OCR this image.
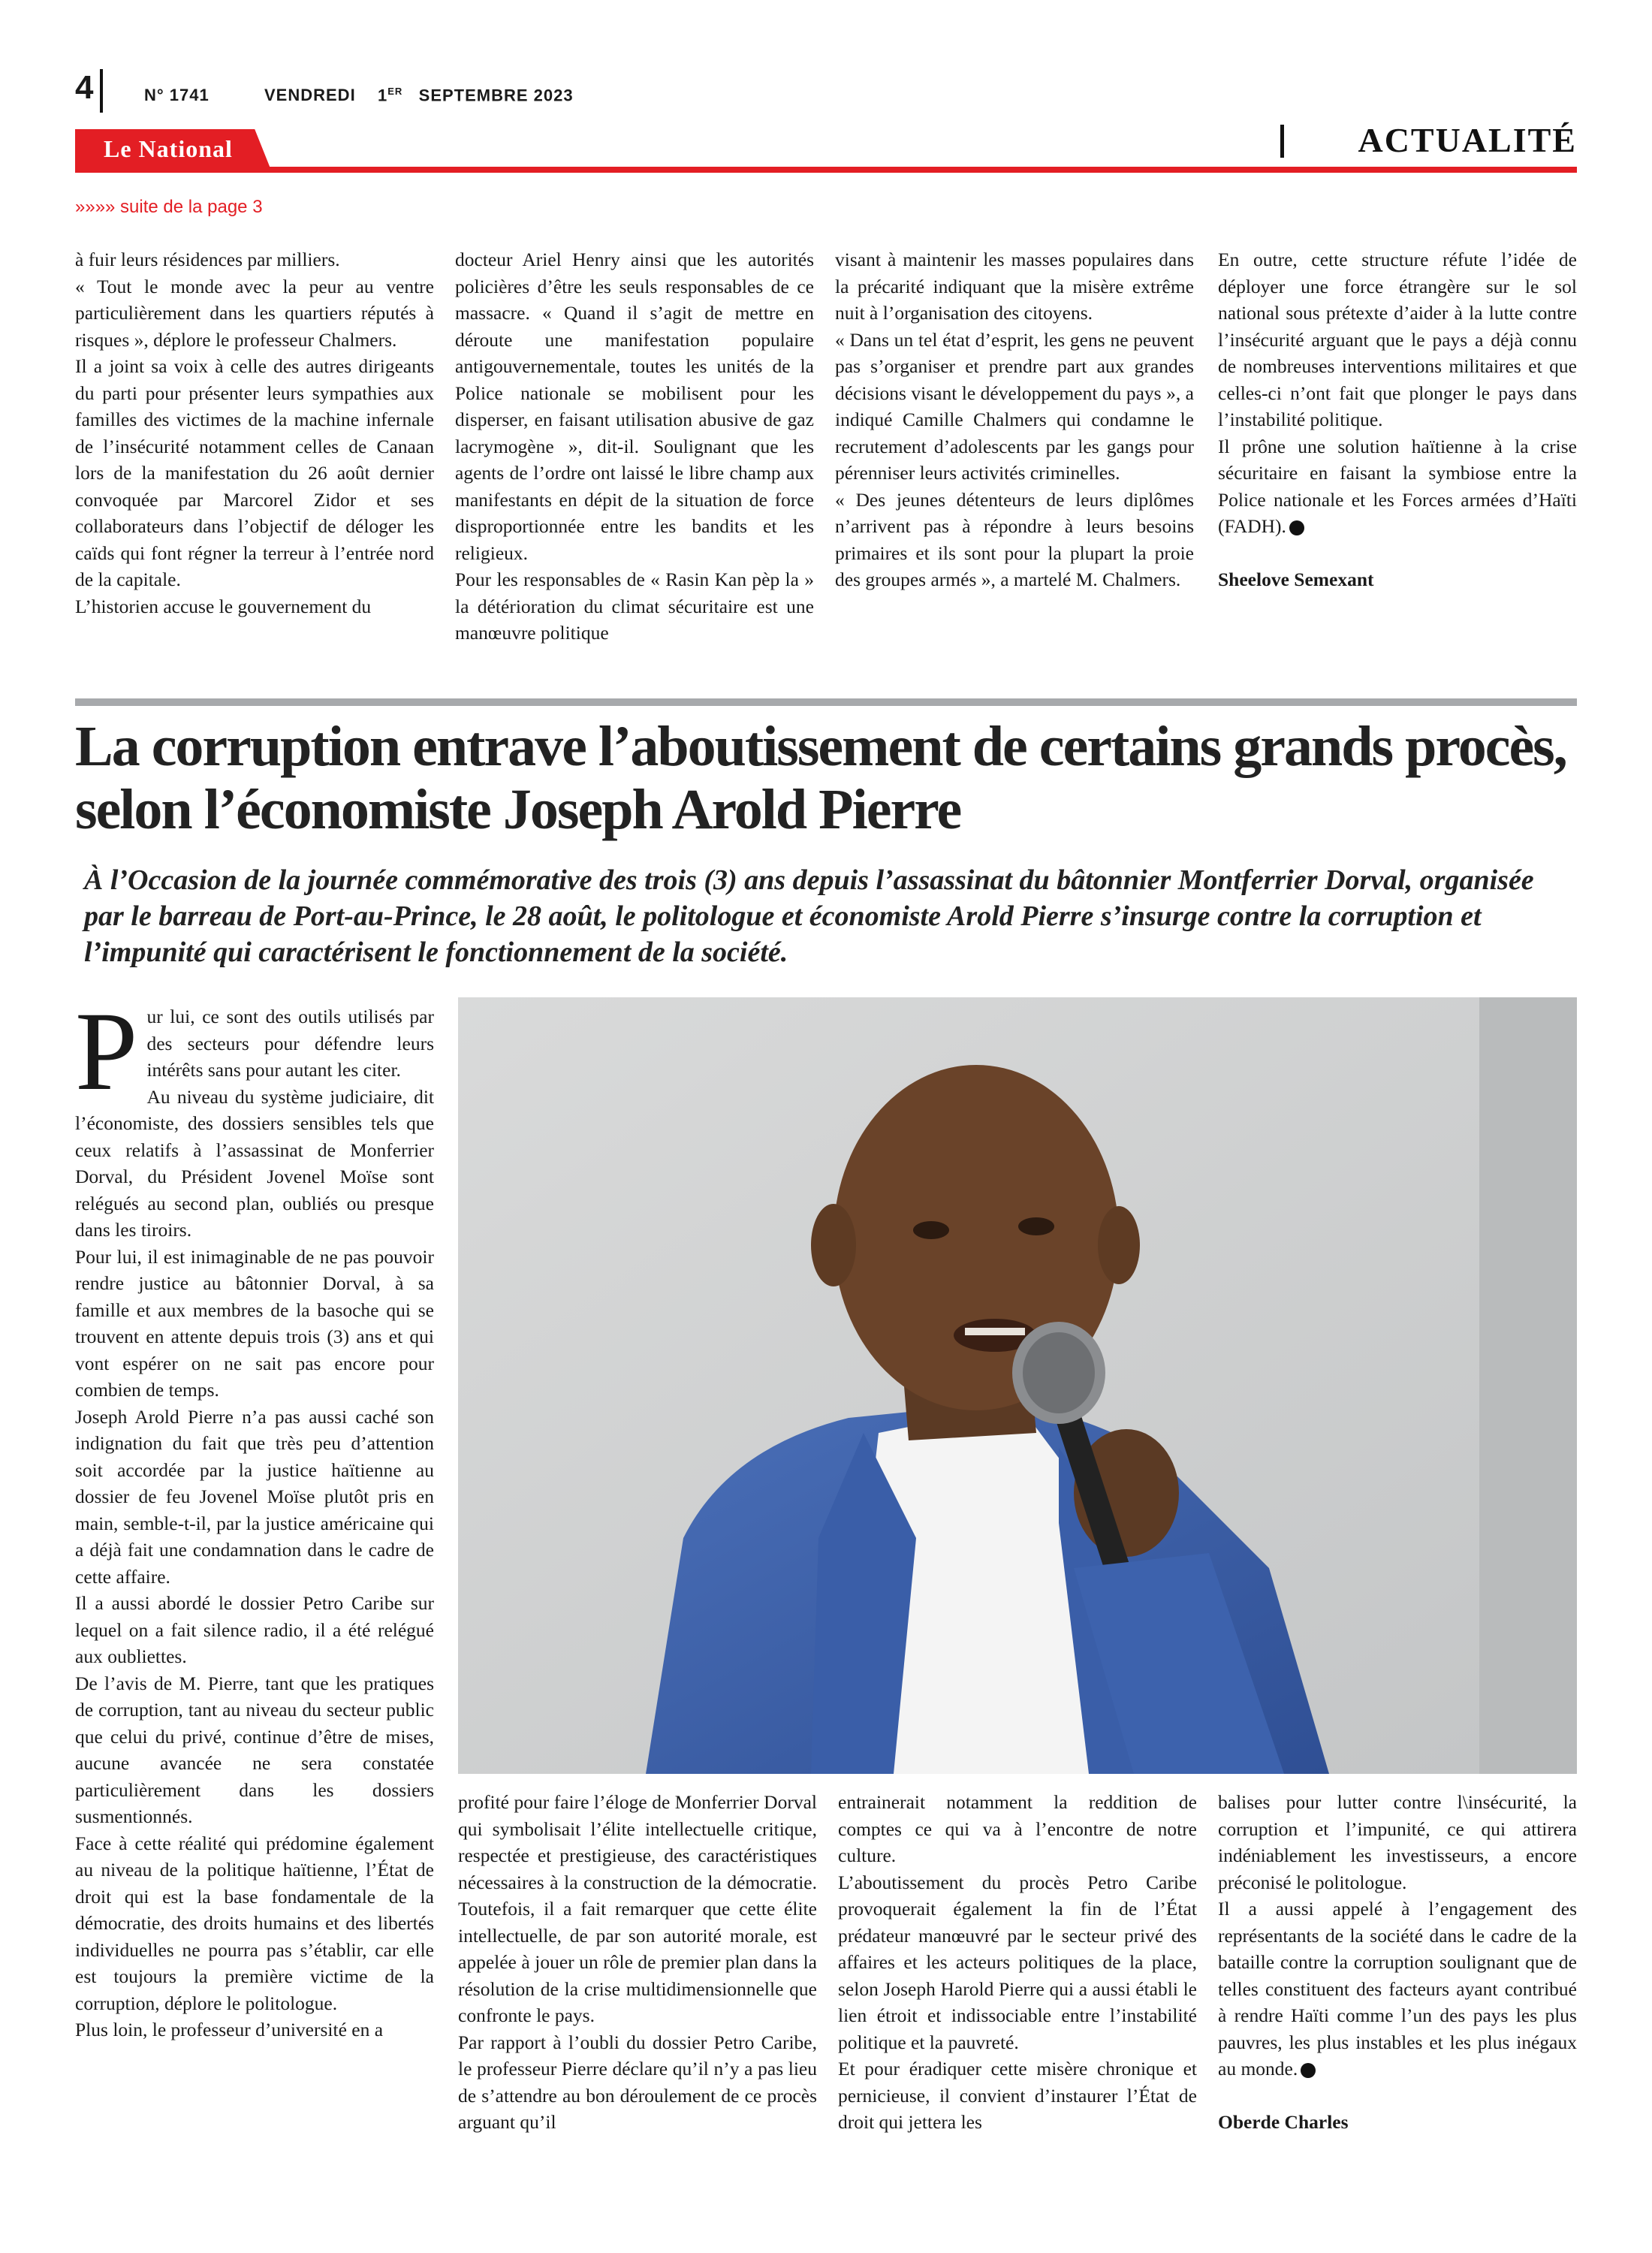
4	N° 1741	VENDREDI 1ER SEPTEMBRE 2023
Le National	ACTUALITÉ
»»»» suite de la page 3

à fuir leurs résidences par milliers.

« Tout le monde avec la peur au ventre particulièrement dans les quartiers réputés à risques », déplore le professeur Chalmers.

Il a joint sa voix à celle des autres dirigeants du parti pour présenter leurs sympathies aux familles des victimes de la machine infernale de l’insécurité notamment celles de Canaan lors de la manifestation du 26 août dernier convoquée par Marcorel Zidor et ses collaborateurs dans l’objectif de déloger les caïds qui font régner la terreur à l’entrée nord de la capitale.

L’historien accuse le gouvernement du

docteur Ariel Henry ainsi que les autorités policières d’être les seuls responsables de ce massacre. « Quand il s’agit de mettre en déroute une manifestation populaire antigouvernementale, toutes les unités de la Police nationale se mobilisent pour les disperser, en faisant utilisation abusive de gaz lacrymogène », dit-il. Soulignant que les agents de l’ordre ont laissé le libre champ aux manifestants en dépit de la situation de force disproportionnée entre les bandits et les religieux.

Pour les responsables de « Rasin Kan pèp la » la détérioration du climat sécuritaire est une manœuvre politique

visant à maintenir les masses populaires dans la précarité indiquant que la misère extrême nuit à l’organisation des citoyens.

« Dans un tel état d’esprit, les gens ne peuvent pas s’organiser et prendre part aux grandes décisions visant le développement du pays », a indiqué Camille Chalmers qui condamne le recrutement d’adolescents par les gangs pour pérenniser leurs activités criminelles.

« Des jeunes détenteurs de leurs diplômes n’arrivent pas à répondre à leurs besoins primaires et ils sont pour la plupart la proie des groupes armés », a martelé M. Chalmers.

En outre, cette structure réfute l’idée de déployer une force étrangère sur le sol national sous prétexte d’aider à la lutte contre l’insécurité arguant que le pays a déjà connu de nombreuses interventions militaires et que celles-ci n’ont fait que plonger le pays dans l’instabilité politique.

Il prône une solution haïtienne à la crise sécuritaire en faisant la symbiose entre la Police nationale et les Forces armées d’Haïti (FADH).

Sheelove Semexant

La corruption entrave l’aboutissement de certains grands procès, selon l’économiste Joseph Arold Pierre

À l’Occasion de la journée commémorative des trois (3) ans depuis l’assassinat du bâtonnier Montferrier Dorval, organisée par le barreau de Port-au-Prince, le 28 août, le politologue et économiste Arold Pierre s’insurge contre la corruption et l’impunité qui caractérisent le fonctionnement de la société.

Pur lui, ce sont des outils utilisés par des secteurs pour défendre leurs intérêts sans pour autant les citer.

Au niveau du système judiciaire, dit l’économiste, des dossiers sensibles tels que ceux relatifs à l’assassinat de Monferrier Dorval, du Président Jovenel Moïse sont relégués au second plan, oubliés ou presque dans les tiroirs.

Pour lui, il est inimaginable de ne pas pouvoir rendre justice au bâtonnier Dorval, à sa famille et aux membres de la basoche qui se trouvent en attente depuis trois (3) ans et qui vont espérer on ne sait pas encore pour combien de temps.

Joseph Arold Pierre n’a pas aussi caché son indignation du fait que très peu d’attention soit accordée par la justice haïtienne au dossier de feu Jovenel Moïse plutôt pris en main, semble-t-il, par la justice américaine qui a déjà fait une condamnation dans le cadre de cette affaire.

Il a aussi abordé le dossier Petro Caribe sur lequel on a fait silence radio, il a été relégué aux oubliettes.

De l’avis de M. Pierre, tant que les pratiques de corruption, tant au niveau du secteur public que celui du privé, continue d’être de mises, aucune avancée ne sera constatée particulièrement dans les dossiers susmentionnés.

Face à cette réalité qui prédomine également au niveau de la politique haïtienne, l’État de droit qui est la base fondamentale de la démocratie, des droits humains et des libertés individuelles ne pourra pas s’établir, car elle est toujours la première victime de la corruption, déplore le politologue.

Plus loin, le professeur d’université en a

profité pour faire l’éloge de Monferrier Dorval qui symbolisait l’élite intellectuelle critique, respectée et prestigieuse, des caractéristiques nécessaires à la construction de la démocratie. Toutefois, il a fait remarquer que cette élite intellectuelle, de par son autorité morale, est appelée à jouer un rôle de premier plan dans la résolution de la crise multidimensionnelle que confronte le pays.

Par rapport à l’oubli du dossier Petro Caribe, le professeur Pierre déclare qu’il n’y a pas lieu de s’attendre au bon déroulement de ce procès arguant qu’il

entrainerait notamment la reddition de comptes ce qui va à l’encontre de notre culture.

L’aboutissement du procès Petro Caribe provoquerait également la fin de l’État prédateur manœuvré par le secteur privé des affaires et les acteurs politiques de la place, selon Joseph Harold Pierre qui a aussi établi le lien étroit et indissociable entre l’instabilité politique et la pauvreté.

Et pour éradiquer cette misère chronique et pernicieuse, il convient d’instaurer l’État de droit qui jettera les

balises pour lutter contre l\insécurité, la corruption et l’impunité, ce qui attirera indéniablement les investisseurs, a encore préconisé le politologue.

Il a aussi appelé à l’engagement des représentants de la société dans le cadre de la bataille contre la corruption soulignant que de telles constituent des facteurs ayant contribué à rendre Haïti comme l’un des pays les plus pauvres, les plus instables et les plus inégaux au monde.

Oberde Charles
